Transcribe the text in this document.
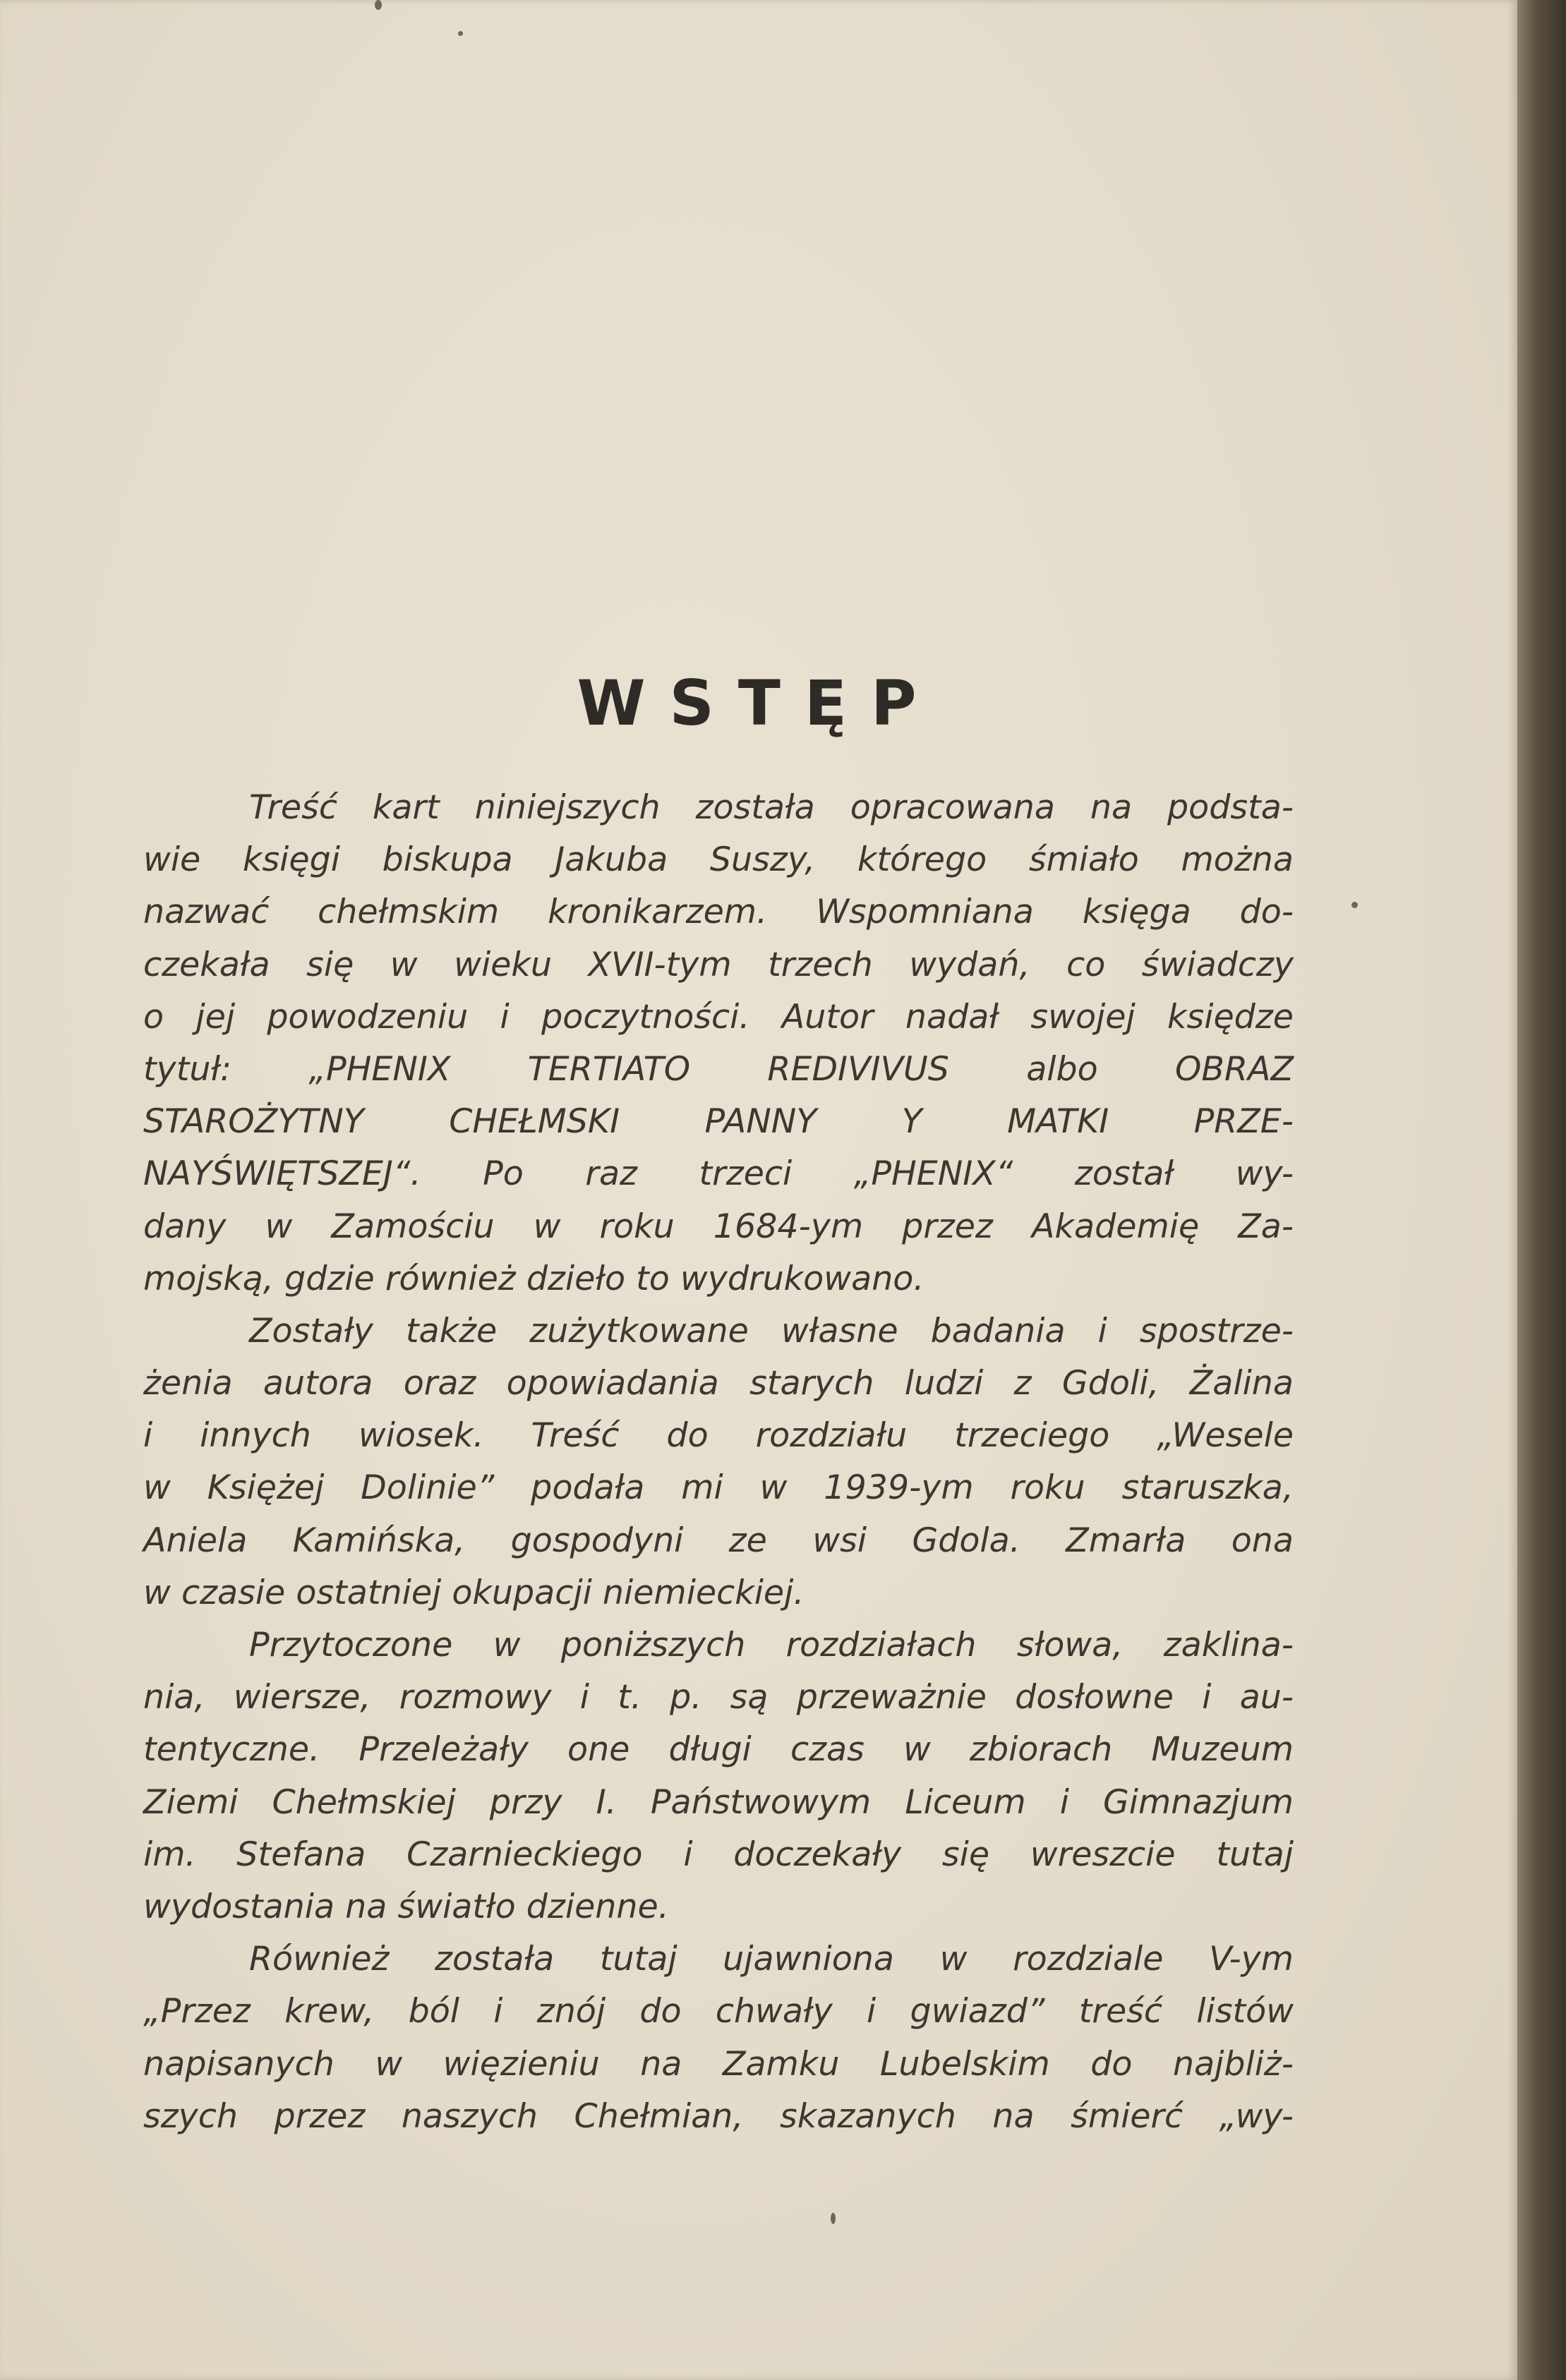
WSTĘP
Treść kart niniejszych została opracowana na podsta-
wie księgi biskupa Jakuba Suszy, którego śmiało można
nazwać chełmskim kronikarzem. Wspomniana księga do-
czekała się w wieku XVII-tym trzech wydań, co świadczy
o jej powodzeniu i poczytności. Autor nadał swojej księdze
tytuł: „PHENIX TERTIATO REDIVIVUS albo OBRAZ
STAROŻYTNY CHEŁMSKI PANNY Y MATKI PRZE-
NAYŚWIĘTSZEJ“. Po raz trzeci „PHENIX“ został wy-
dany w Zamościu w roku 1684-ym przez Akademię Za-
mojską, gdzie również dzieło to wydrukowano.
Zostały także zużytkowane własne badania i spostrze-
żenia autora oraz opowiadania starych ludzi z Gdoli, Żalina
i innych wiosek. Treść do rozdziału trzeciego „Wesele
w Księżej Dolinie” podała mi w 1939-ym roku staruszka,
Aniela Kamińska, gospodyni ze wsi Gdola. Zmarła ona
w czasie ostatniej okupacji niemieckiej.
Przytoczone w poniższych rozdziałach słowa, zaklina-
nia, wiersze, rozmowy i t. p. są przeważnie dosłowne i au-
tentyczne. Przeleżały one długi czas w zbiorach Muzeum
Ziemi Chełmskiej przy I. Państwowym Liceum i Gimnazjum
im. Stefana Czarnieckiego i doczekały się wreszcie tutaj
wydostania na światło dzienne.
Również została tutaj ujawniona w rozdziale V-ym
„Przez krew, ból i znój do chwały i gwiazd” treść listów
napisanych w więzieniu na Zamku Lubelskim do najbliż-
szych przez naszych Chełmian, skazanych na śmierć „wy-
